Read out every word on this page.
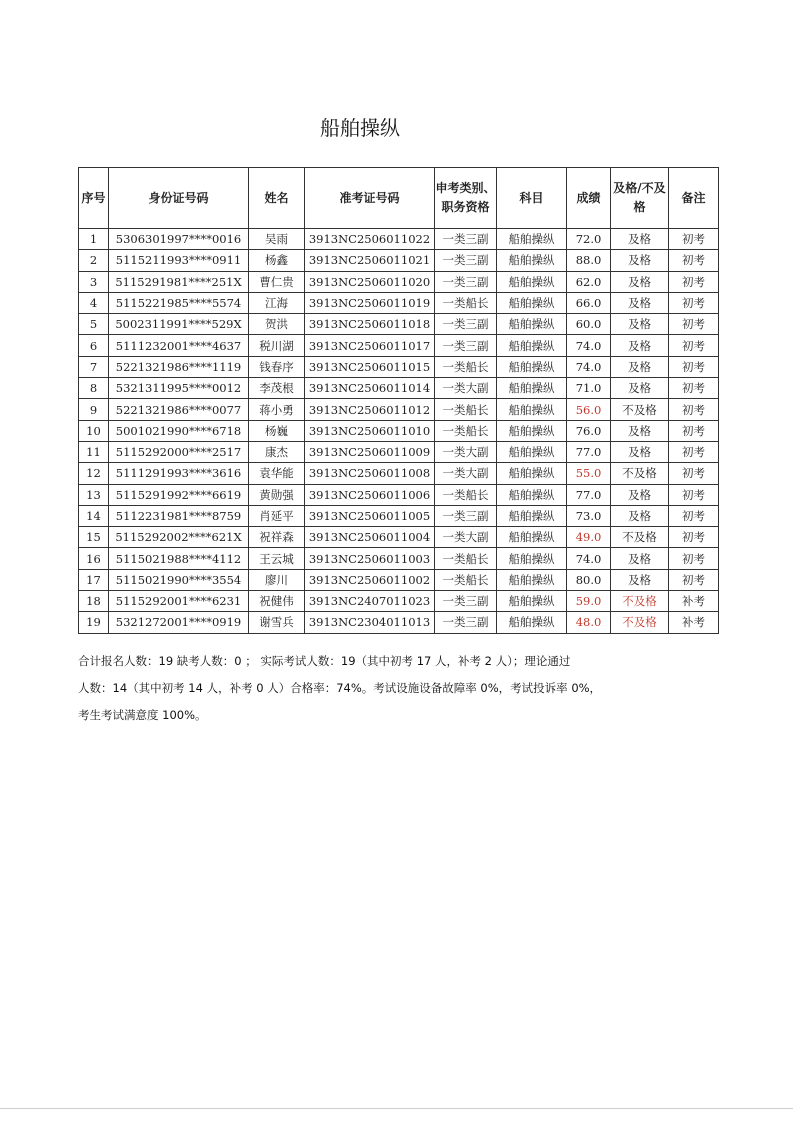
船舶操纵
序号	身份证号码	姓名	准考证号码	申考类别、职务资格	科目	成绩	及格/不及格	备注
1	5306301997****0016	吴雨	3913NC2506011022	一类三副	船舶操纵	72.0	及格	初考
2	5115211993****0911	杨鑫	3913NC2506011021	一类三副	船舶操纵	88.0	及格	初考
3	5115291981****251X	曹仁贵	3913NC2506011020	一类三副	船舶操纵	62.0	及格	初考
4	5115221985****5574	江海	3913NC2506011019	一类船长	船舶操纵	66.0	及格	初考
5	5002311991****529X	贺洪	3913NC2506011018	一类三副	船舶操纵	60.0	及格	初考
6	5111232001****4637	税川湖	3913NC2506011017	一类三副	船舶操纵	74.0	及格	初考
7	5221321986****1119	钱春序	3913NC2506011015	一类船长	船舶操纵	74.0	及格	初考
8	5321311995****0012	李茂根	3913NC2506011014	一类大副	船舶操纵	71.0	及格	初考
9	5221321986****0077	蒋小勇	3913NC2506011012	一类船长	船舶操纵	56.0	不及格	初考
10	5001021990****6718	杨巍	3913NC2506011010	一类船长	船舶操纵	76.0	及格	初考
11	5115292000****2517	康杰	3913NC2506011009	一类大副	船舶操纵	77.0	及格	初考
12	5111291993****3616	袁华能	3913NC2506011008	一类大副	船舶操纵	55.0	不及格	初考
13	5115291992****6619	黄勋强	3913NC2506011006	一类船长	船舶操纵	77.0	及格	初考
14	5112231981****8759	肖延平	3913NC2506011005	一类三副	船舶操纵	73.0	及格	初考
15	5115292002****621X	祝祥森	3913NC2506011004	一类大副	船舶操纵	49.0	不及格	初考
16	5115021988****4112	王云城	3913NC2506011003	一类船长	船舶操纵	74.0	及格	初考
17	5115021990****3554	廖川	3913NC2506011002	一类船长	船舶操纵	80.0	及格	初考
18	5115292001****6231	祝健伟	3913NC2407011023	一类三副	船舶操纵	59.0	不及格	补考
19	5321272001****0919	谢雪兵	3913NC2304011013	一类三副	船舶操纵	48.0	不及格	补考

合计报名人数：19 缺考人数：0 ； 实际考试人数：19（其中初考 17 人，补考 2 人）；理论通过

人数：14（其中初考 14 人，补考 0 人）合格率：74%。考试设施设备故障率 0%，考试投诉率 0%，

考生考试满意度 100%。
